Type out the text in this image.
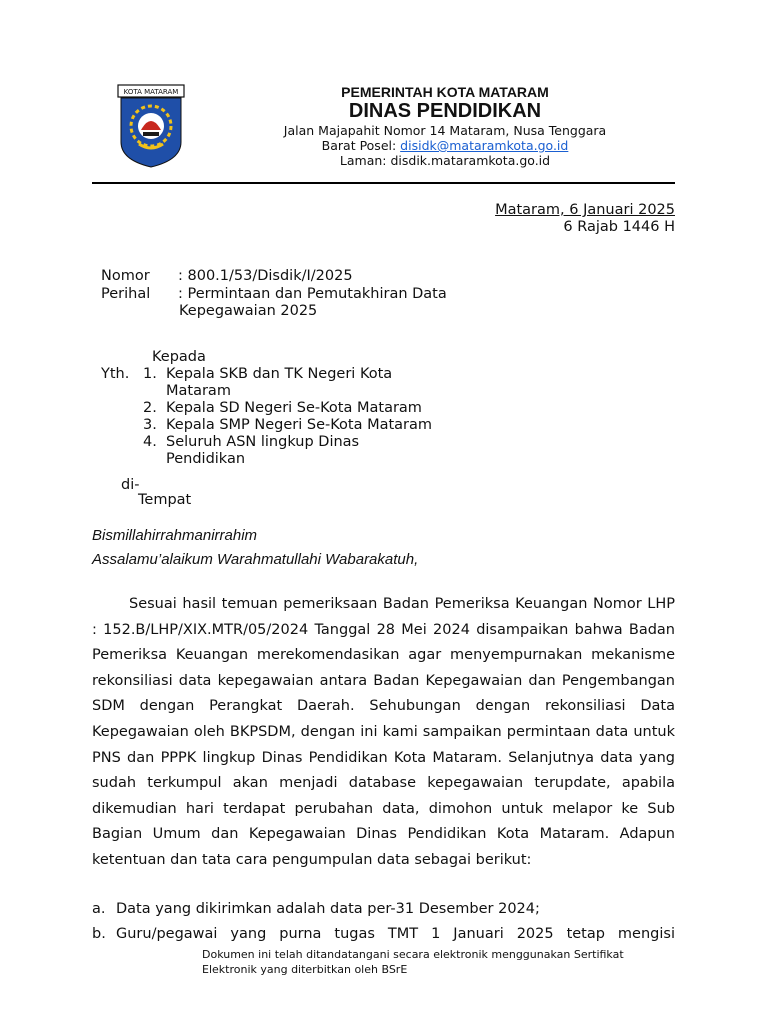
KOTA MATARAM	PEMERINTAH KOTA MATARAM
DINAS PENDIDIKAN
Jalan Majapahit Nomor 14 Mataram, Nusa Tenggara
Barat Posel: disidk@mataramkota.go.id
Laman: disdik.mataramkota.go.id
Mataram, 6 Januari 2025
6 Rajab 1446 H
Nomor : 800.1/53/Disdik/I/2025
Perihal : Permintaan dan Pemutakhiran Data
Kepegawaian 2025
Kepada
Yth. 1. Kepala SKB dan TK Negeri Kota
Mataram
2. Kepala SD Negeri Se-Kota Mataram
3. Kepala SMP Negeri Se-Kota Mataram
4. Seluruh ASN lingkup Dinas
Pendidikan
di-
Tempat
Bismillahirrahmanirrahim
Assalamu’alaikum Warahmatullahi Wabarakatuh,

Sesuai hasil temuan pemeriksaan Badan Pemeriksa Keuangan Nomor LHP : 152.B/LHP/XIX.MTR/05/2024 Tanggal 28 Mei 2024 disampaikan bahwa Badan Pemeriksa Keuangan merekomendasikan agar menyempurnakan mekanisme rekonsiliasi data kepegawaian antara Badan Kepegawaian dan Pengembangan SDM dengan Perangkat Daerah. Sehubungan dengan rekonsiliasi Data Kepegawaian oleh BKPSDM, dengan ini kami sampaikan permintaan data untuk PNS dan PPPK lingkup Dinas Pendidikan Kota Mataram. Selanjutnya data yang sudah terkumpul akan menjadi database kepegawaian terupdate, apabila dikemudian hari terdapat perubahan data, dimohon untuk melapor ke Sub Bagian Umum dan Kepegawaian Dinas Pendidikan Kota Mataram. Adapun ketentuan dan tata cara pengumpulan data sebagai berikut:

a. Data yang dikirimkan adalah data per-31 Desember 2024;

b. Guru/pegawai yang purna tugas TMT 1 Januari 2025 tetap mengisi

Dokumen ini telah ditandatangani secara elektronik menggunakan Sertifikat Elektronik yang diterbitkan oleh BSrE
